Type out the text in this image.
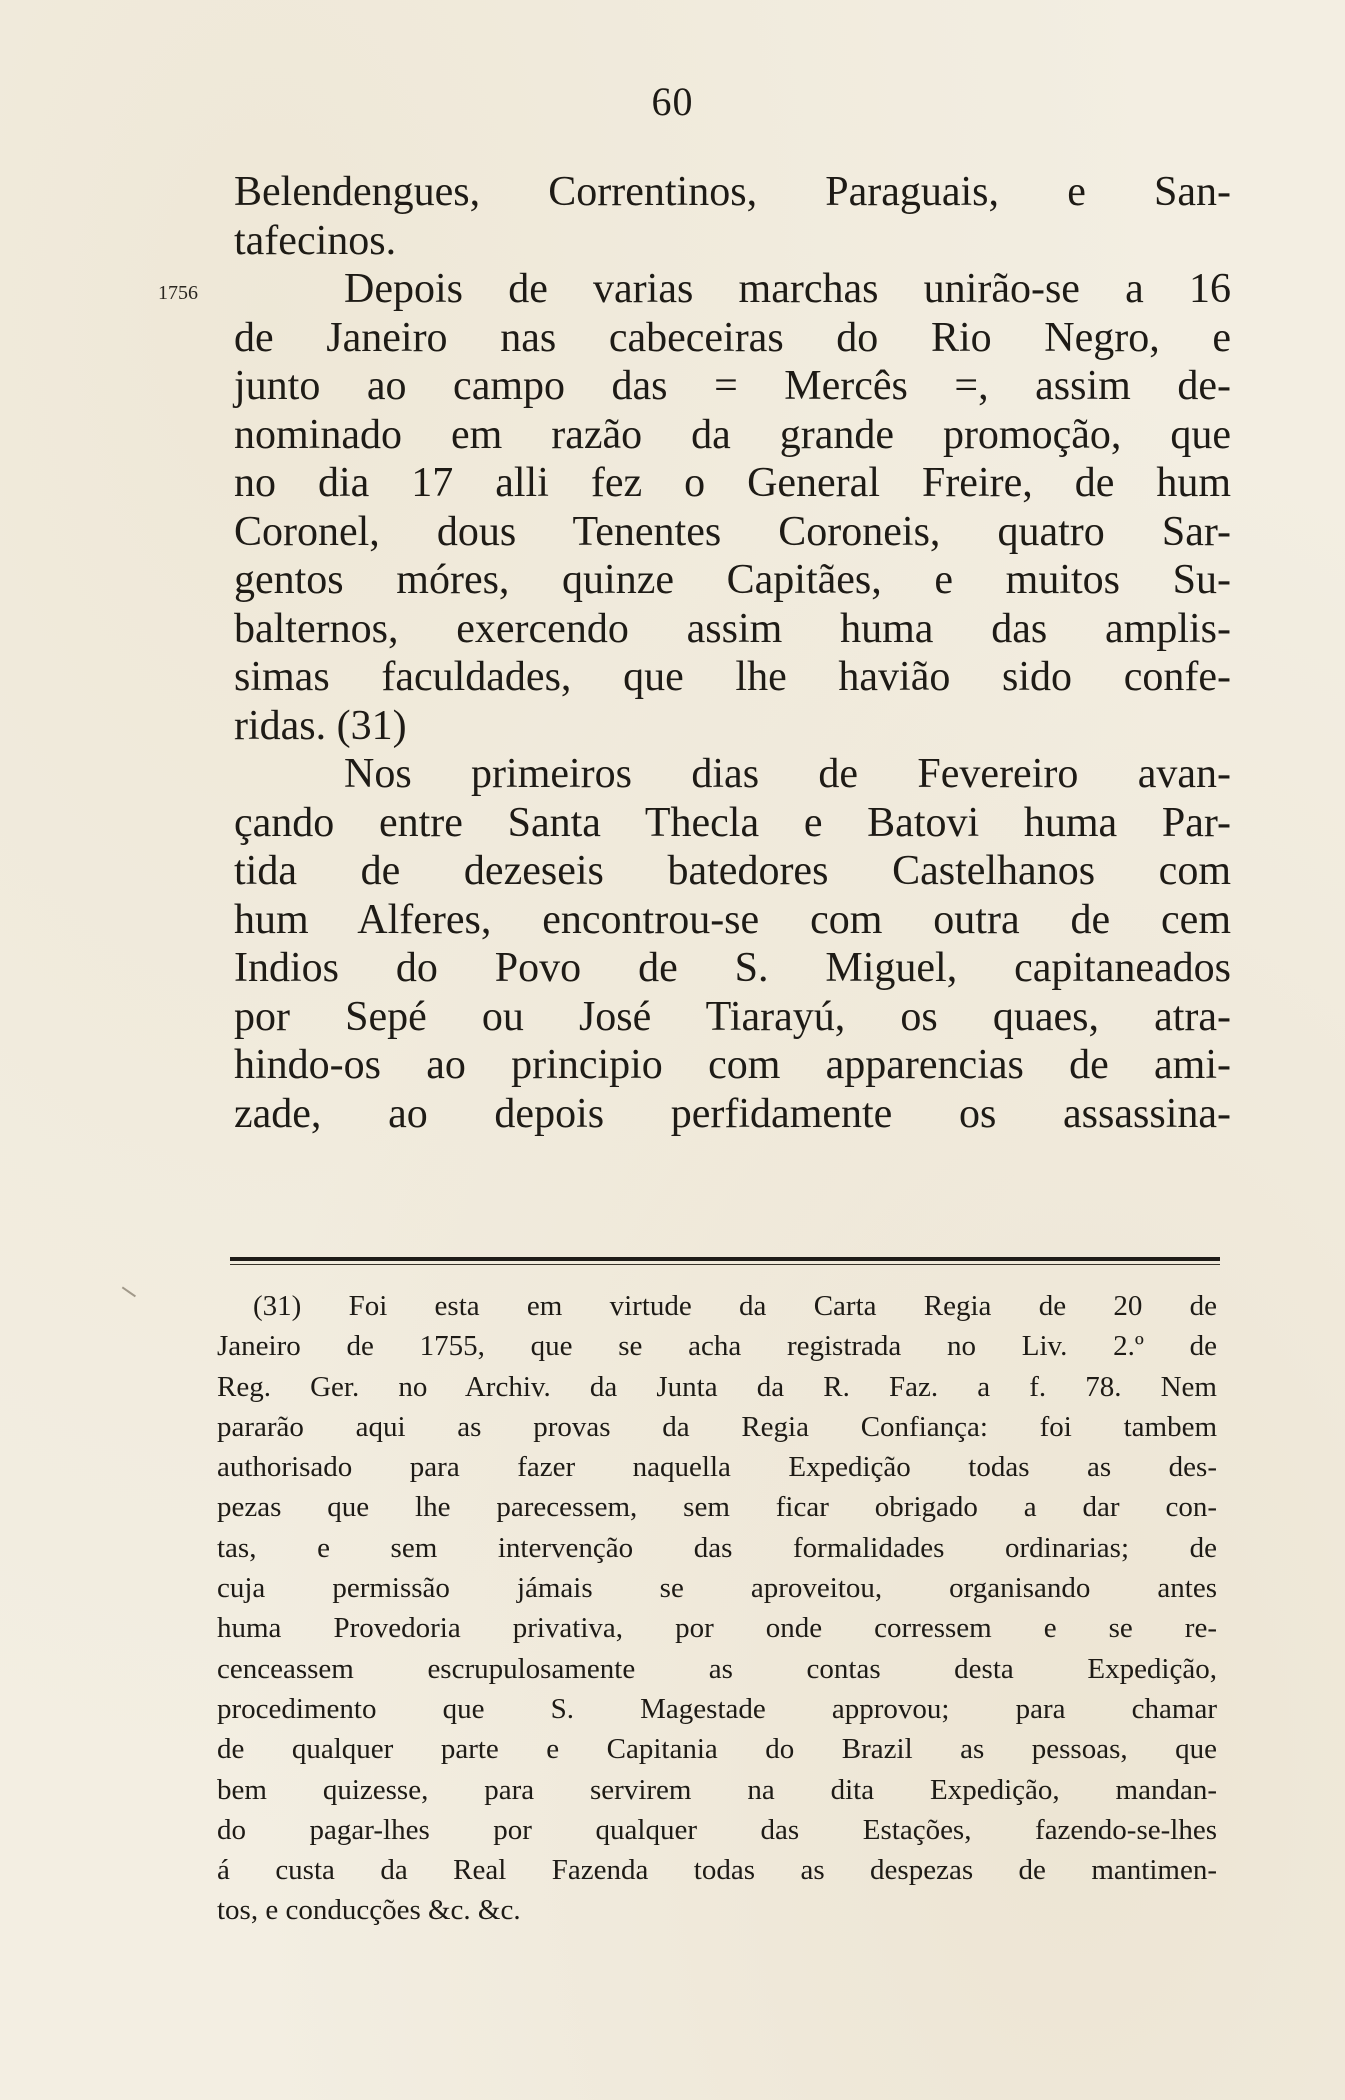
60
1756
Belendengues, Correntinos, Paraguais, e San-
tafecinos.
Depois de varias marchas unirão-se a 16
de Janeiro nas cabeceiras do Rio Negro, e
junto ao campo das = Mercês =, assim de-
nominado em razão da grande promoção, que
no dia 17 alli fez o General Freire, de hum
Coronel, dous Tenentes Coroneis, quatro Sar-
gentos móres, quinze Capitães, e muitos Su-
balternos, exercendo assim huma das amplis-
simas faculdades, que lhe havião sido confe-
ridas. (31)
Nos primeiros dias de Fevereiro avan-
çando entre Santa Thecla e Batovi huma Par-
tida de dezeseis batedores Castelhanos com
hum Alferes, encontrou-se com outra de cem
Indios do Povo de S. Miguel, capitaneados
por Sepé ou José Tiarayú, os quaes, atra-
hindo-os ao principio com apparencias de ami-
zade, ao depois perfidamente os assassina-
(31) Foi esta em virtude da Carta Regia de 20 de
Janeiro de 1755, que se acha registrada no Liv. 2.º de
Reg. Ger. no Archiv. da Junta da R. Faz. a f. 78. Nem
pararão aqui as provas da Regia Confiança: foi tambem
authorisado para fazer naquella Expedição todas as des-
pezas que lhe parecessem, sem ficar obrigado a dar con-
tas, e sem intervenção das formalidades ordinarias; de
cuja permissão jámais se aproveitou, organisando antes
huma Provedoria privativa, por onde corressem e se re-
cenceassem escrupulosamente as contas desta Expedição,
procedimento que S. Magestade approvou; para chamar
de qualquer parte e Capitania do Brazil as pessoas, que
bem quizesse, para servirem na dita Expedição, mandan-
do pagar-lhes por qualquer das Estações, fazendo-se-lhes
á custa da Real Fazenda todas as despezas de mantimen-
tos, e conducções &c. &c.
